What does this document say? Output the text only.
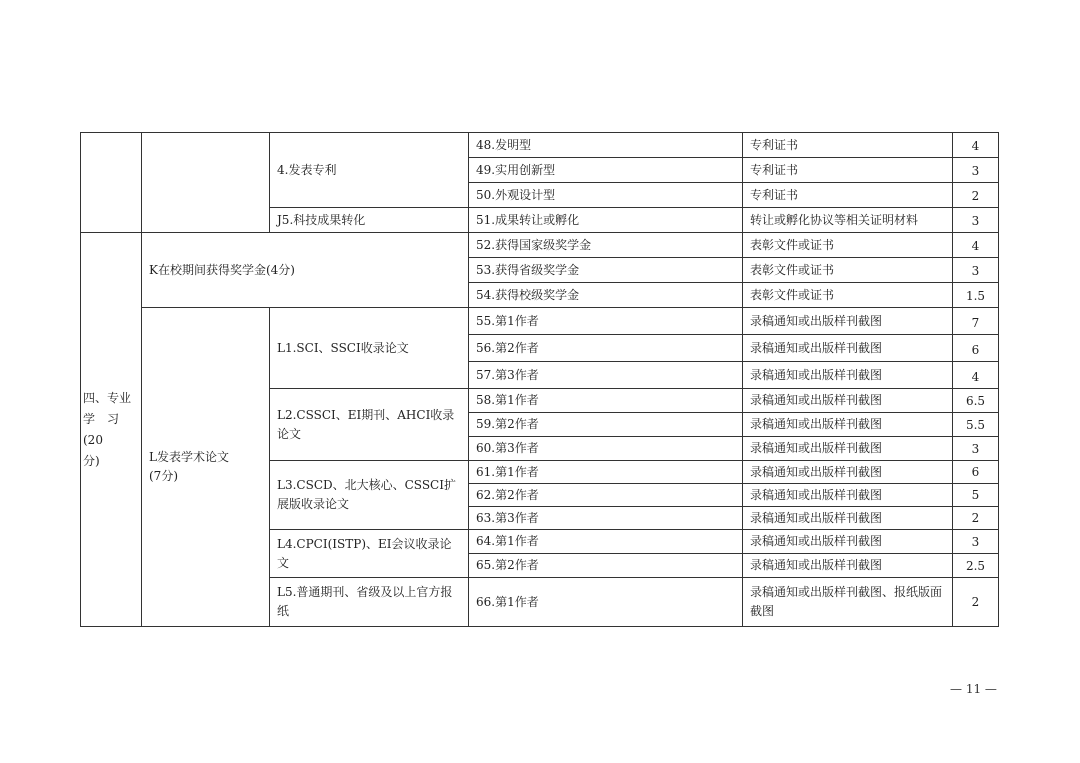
		4.发表专利	48.发明型	专利证书	4
			49.实用创新型	专利证书	3
			50.外观设计型	专利证书	2
		J5.科技成果转化	51.成果转让或孵化	转让或孵化协议等相关证明材料	3

四、专业
学　习
(20
分)	K在校期间获得奖学金(4分)		52.获得国家级奖学金	表彰文件或证书	4
			53.获得省级奖学金	表彰文件或证书	3
			54.获得校级奖学金	表彰文件或证书	1.5

	L发表学术论文
(7分)	L1.SCI、SSCI收录论文	55.第1作者	录稿通知或出版样刊截图	7
			56.第2作者	录稿通知或出版样刊截图	6
			57.第3作者	录稿通知或出版样刊截图	4
		L2.CSSCI、EI期刊、AHCI收录论文	58.第1作者	录稿通知或出版样刊截图	6.5
			59.第2作者	录稿通知或出版样刊截图	5.5
			60.第3作者	录稿通知或出版样刊截图	3
		L3.CSCD、北大核心、CSSCI扩展版收录论文	61.第1作者	录稿通知或出版样刊截图	6
			62.第2作者	录稿通知或出版样刊截图	5
			63.第3作者	录稿通知或出版样刊截图	2
		L4.CPCI(ISTP)、EI会议收录论文	64.第1作者	录稿通知或出版样刊截图	3
			65.第2作者	录稿通知或出版样刊截图	2.5
		L5.普通期刊、省级及以上官方报纸	66.第1作者	录稿通知或出版样刊截图、报纸版面截图	2
— 11 —
